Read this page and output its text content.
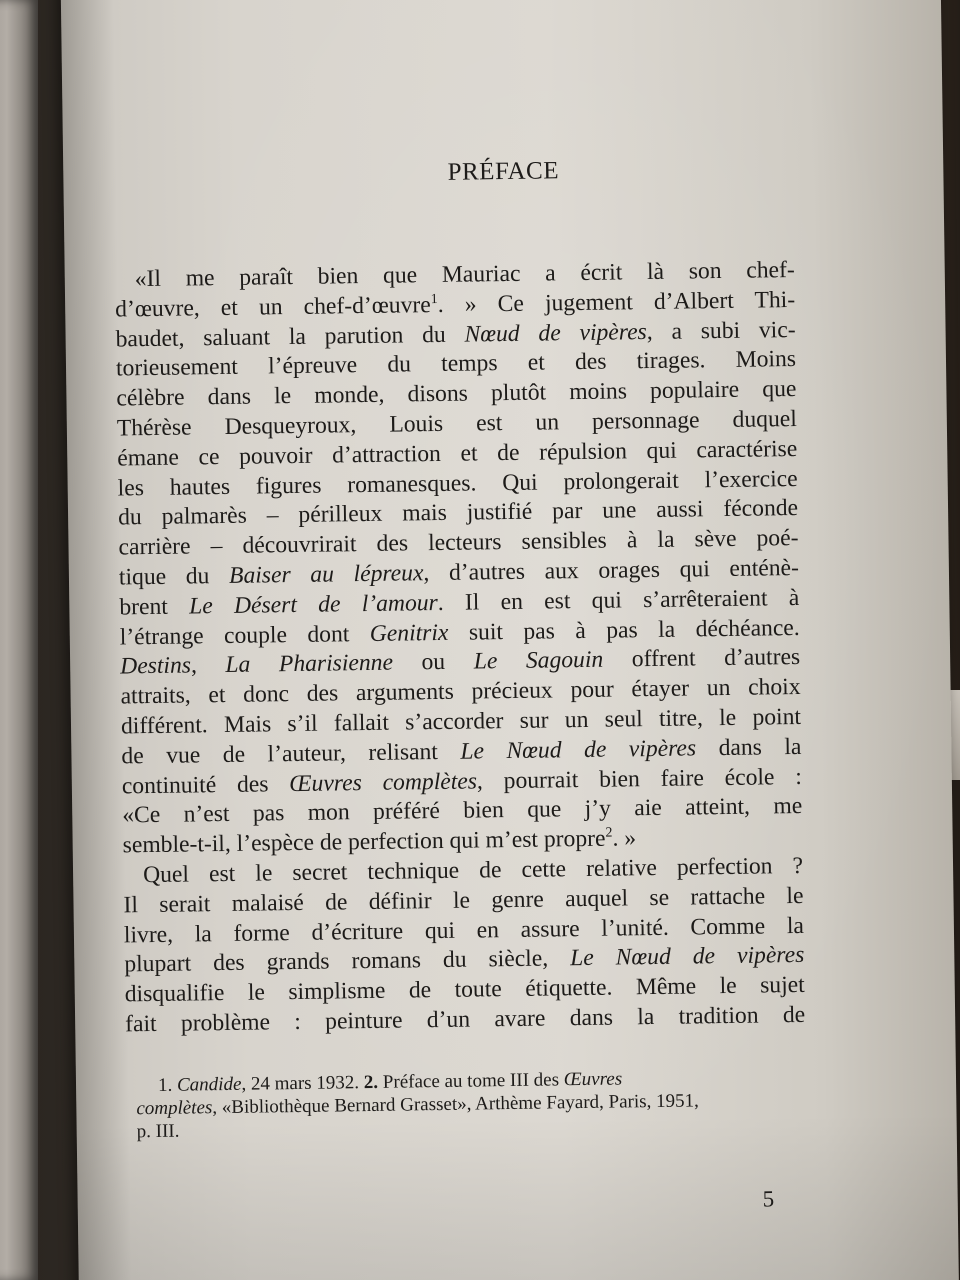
PRÉFACE
«Il me paraît bien que Mauriac a écrit là son chef-
d’œuvre, et un chef-d’œuvre$^1$. » Ce jugement d’Albert Thi-
baudet, saluant la parution du Nœud de vipères, a subi vic-
torieusement l’épreuve du temps et des tirages. Moins
célèbre dans le monde, disons plutôt moins populaire que
Thérèse Desqueyroux, Louis est un personnage duquel
émane ce pouvoir d’attraction et de répulsion qui caractérise
les hautes figures romanesques. Qui prolongerait l’exercice
du palmarès – périlleux mais justifié par une aussi féconde
carrière – découvrirait des lecteurs sensibles à la sève poé-
tique du Baiser au lépreux, d’autres aux orages qui enténè-
brent Le Désert de l’amour. Il en est qui s’arrêteraient à
l’étrange couple dont Genitrix suit pas à pas la déchéance.
Destins, La Pharisienne ou Le Sagouin offrent d’autres
attraits, et donc des arguments précieux pour étayer un choix
différent. Mais s’il fallait s’accorder sur un seul titre, le point
de vue de l’auteur, relisant Le Nœud de vipères dans la
continuité des Œuvres complètes, pourrait bien faire école :
«Ce n’est pas mon préféré bien que j’y aie atteint, me
semble-t-il, l’espèce de perfection qui m’est propre$^2$. »
Quel est le secret technique de cette relative perfection ?
Il serait malaisé de définir le genre auquel se rattache le
livre, la forme d’écriture qui en assure l’unité. Comme la
plupart des grands romans du siècle, Le Nœud de vipères
disqualifie le simplisme de toute étiquette. Même le sujet
fait problème : peinture d’un avare dans la tradition de
1. Candide, 24 mars 1932. 2. Préface au tome III des Œuvres
complètes, «Bibliothèque Bernard Grasset», Arthème Fayard, Paris, 1951,
p. III.
5
